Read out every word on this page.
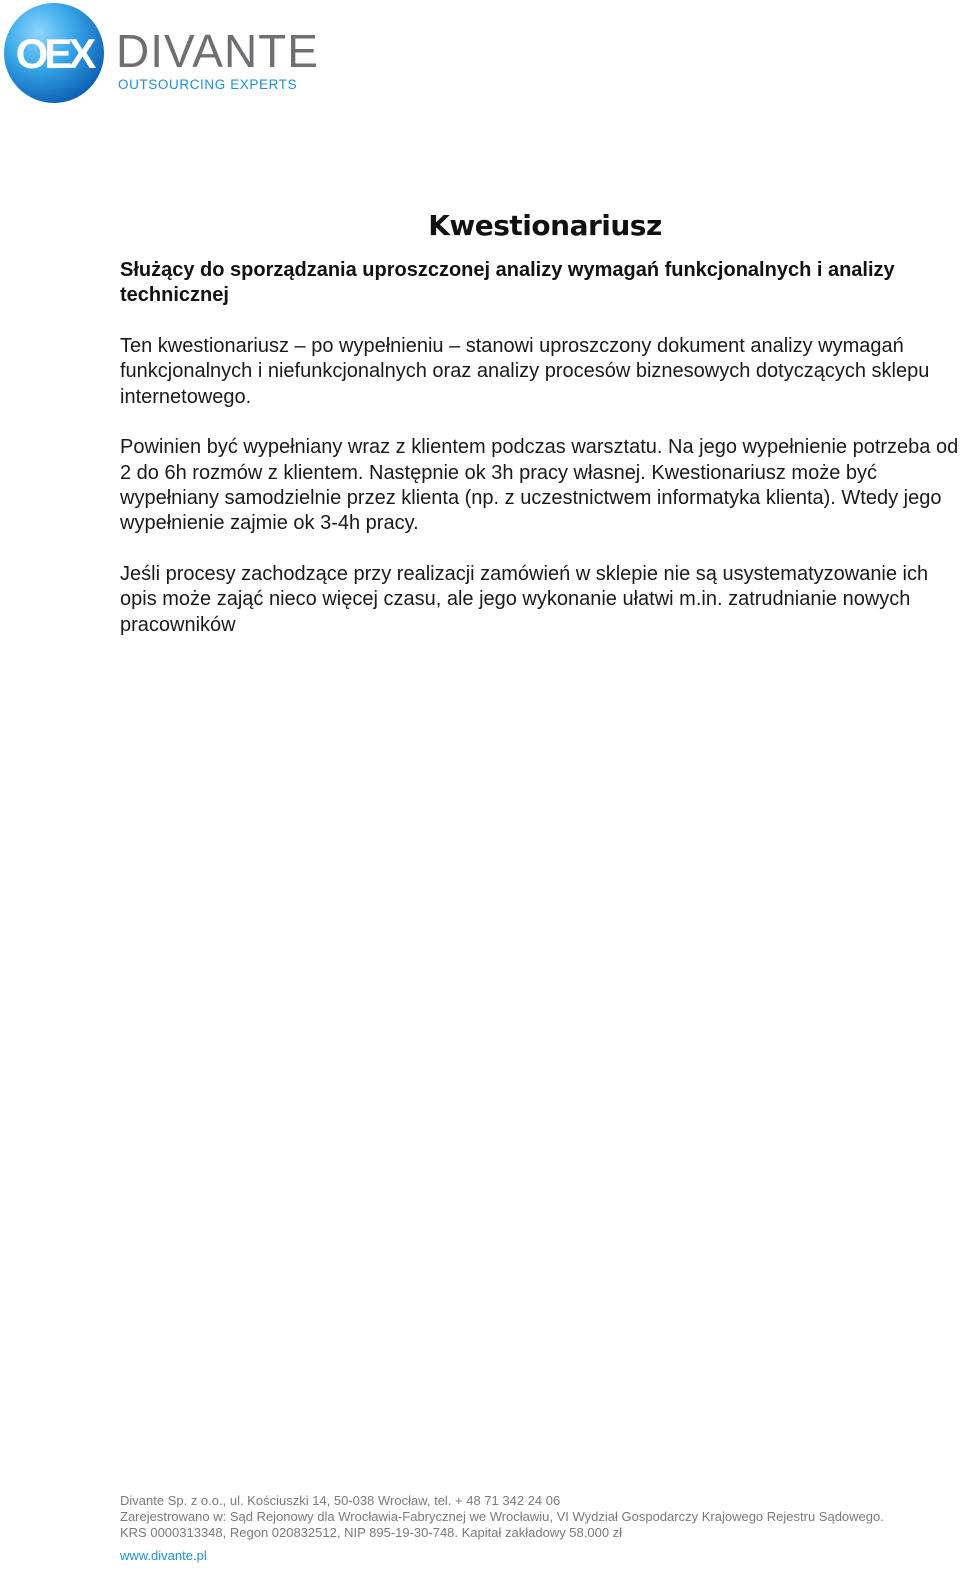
OEX DIVANTE
OUTSOURCING EXPERTS
Kwestionariusz

Służący do sporządzania uproszczonej analizy wymagań funkcjonalnych i analizy technicznej

Ten kwestionariusz – po wypełnieniu – stanowi uproszczony dokument analizy wymagań funkcjonalnych i niefunkcjonalnych oraz analizy procesów biznesowych dotyczących sklepu internetowego.

Powinien być wypełniany wraz z klientem podczas warsztatu. Na jego wypełnienie potrzeba od 2 do 6h rozmów z klientem. Następnie ok 3h pracy własnej. Kwestionariusz może być wypełniany samodzielnie przez klienta (np. z uczestnictwem informatyka klienta). Wtedy jego wypełnienie zajmie ok 3-4h pracy.

Jeśli procesy zachodzące przy realizacji zamówień w sklepie nie są usystematyzowanie ich opis może zająć nieco więcej czasu, ale jego wykonanie ułatwi m.in. zatrudnianie nowych pracowników

Divante Sp. z o.o., ul. Kościuszki 14, 50-038 Wrocław, tel. + 48 71 342 24 06

Zarejestrowano w: Sąd Rejonowy dla Wrocławia-Fabrycznej we Wrocławiu, VI Wydział Gospodarczy Krajowego Rejestru Sądowego.

KRS 0000313348, Regon 020832512, NIP 895-19-30-748. Kapitał zakładowy 58.000 zł

www.divante.pl
